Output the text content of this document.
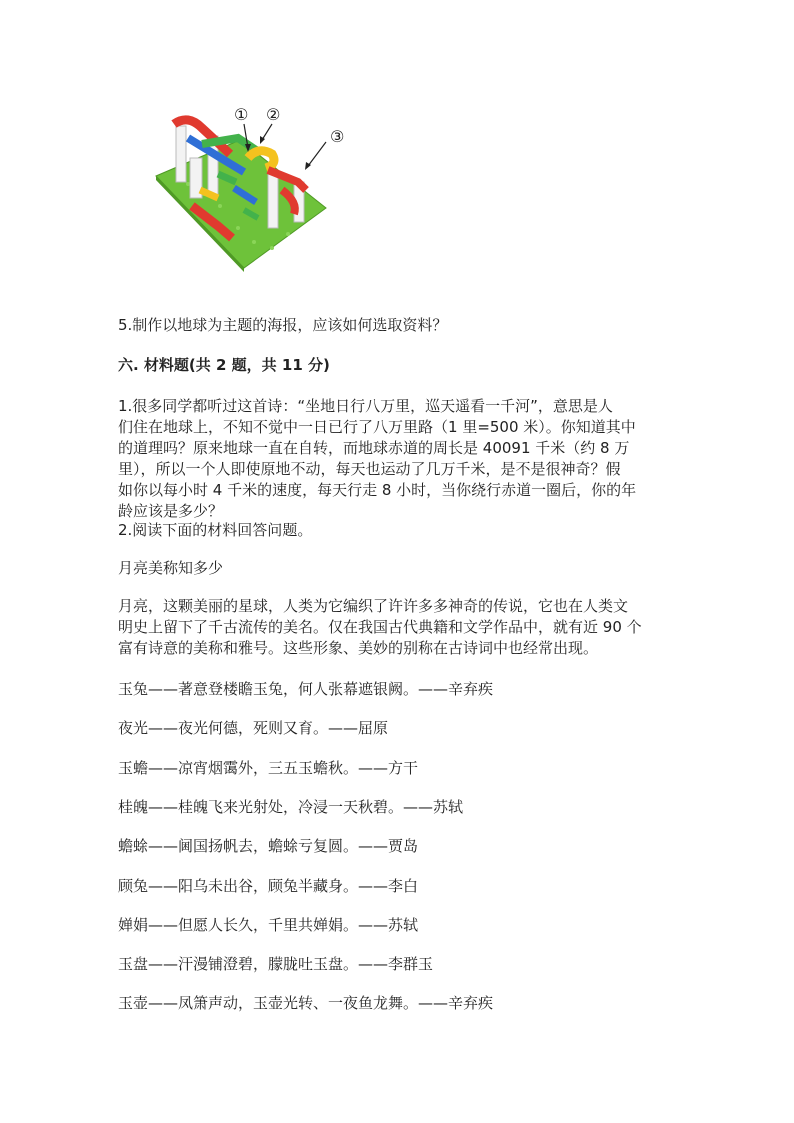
① ②
③

5.制作以地球为主题的海报，应该如何选取资料？

六. 材料题(共 2 题，共 11 分)

1.很多同学都听过这首诗：“坐地日行八万里，巡天遥看一千河”，意思是人
们住在地球上，不知不觉中一日已行了八万里路（1 里=500 米）。你知道其中
的道理吗？原来地球一直在自转，而地球赤道的周长是 40091 千米（约 8 万
里），所以一个人即使原地不动，每天也运动了几万千米，是不是很神奇？假
如你以每小时 4 千米的速度，每天行走 8 小时，当你绕行赤道一圈后，你的年
龄应该是多少？

2.阅读下面的材料回答问题。

月亮美称知多少

月亮，这颗美丽的星球，人类为它编织了许许多多神奇的传说，它也在人类文
明史上留下了千古流传的美名。仅在我国古代典籍和文学作品中，就有近 90 个
富有诗意的美称和雅号。这些形象、美妙的别称在古诗词中也经常出现。

玉兔——著意登楼瞻玉兔，何人张幕遮银阙。——辛弃疾

夜光——夜光何德，死则又育。——屈原

玉蟾——凉宵烟霭外，三五玉蟾秋。——方干

桂魄——桂魄飞来光射处，冷浸一天秋碧。——苏轼

蟾蜍——阃国扬帆去，蟾蜍亏复圆。——贾岛

顾兔——阳乌未出谷，顾兔半藏身。——李白

婵娟——但愿人长久，千里共婵娟。——苏轼

玉盘——汗漫铺澄碧，朦胧吐玉盘。——李群玉

玉壶——凤箫声动，玉壶光转、一夜鱼龙舞。——辛弃疾
